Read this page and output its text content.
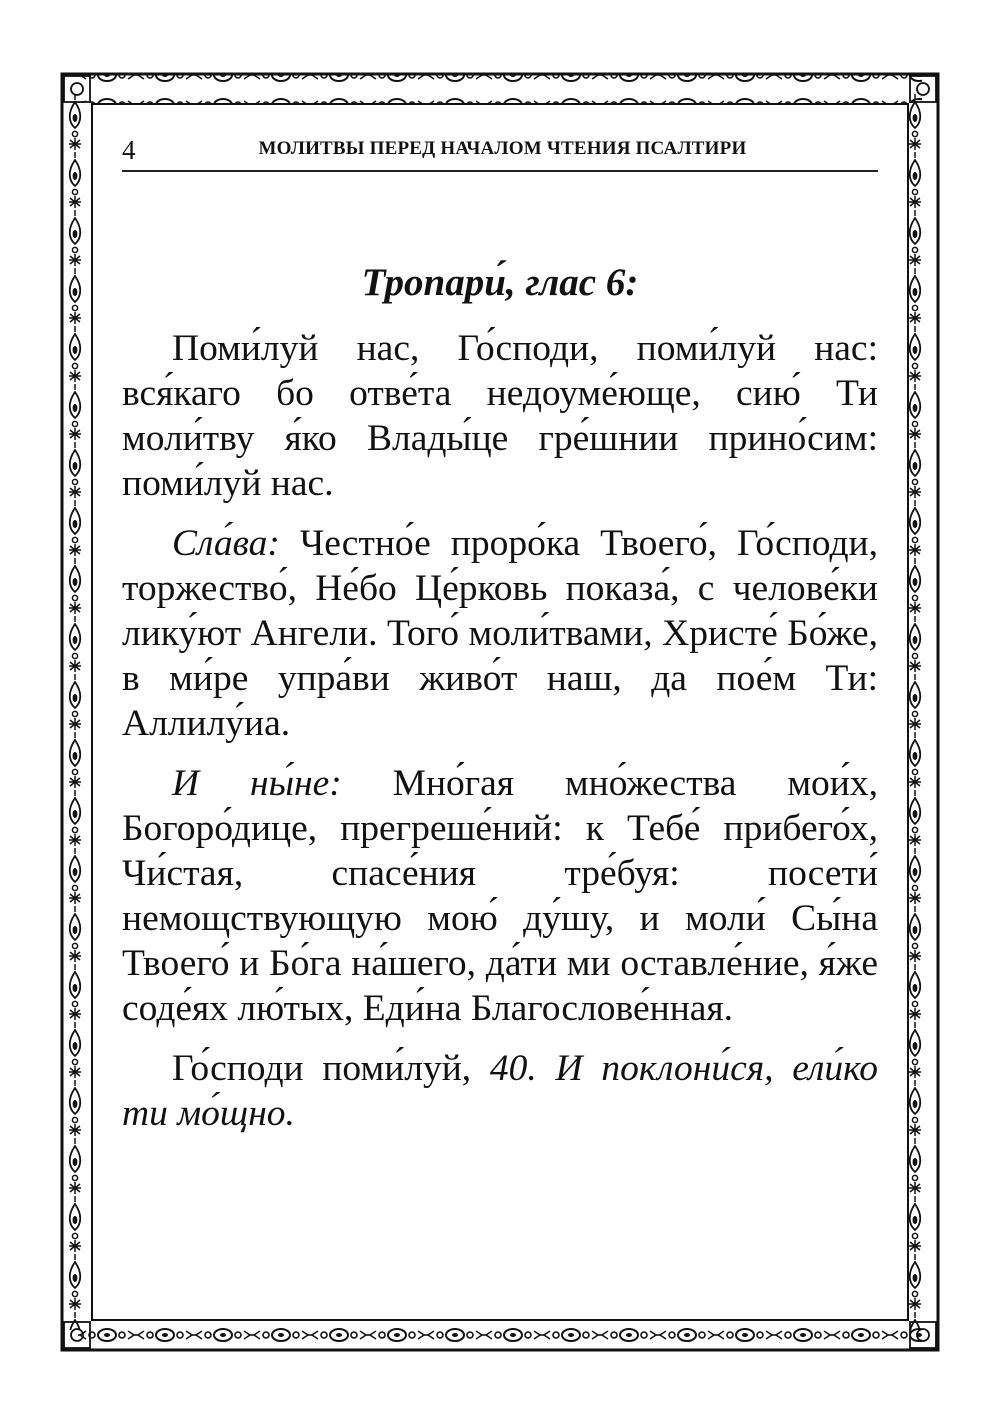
4	МОЛИТВЫ ПЕРЕД НАЧАЛОМ ЧТЕНИЯ ПСАЛТИРИ
Тропари́, глас 6:

Поми́луй нас, Го́споди, поми́луй нас: вся́каго бо отве́та недоуме́юще, сию́ Ти моли́тву я́ко Влады́це гре́шнии прино́сим: поми́луй нас.

Сла́ва: Честно́е проро́ка Твоего́, Го́споди, торжество́, Не́бо Це́рковь показа́, с челове́ки лику́ют Ангели. Того́ моли́твами, Христе́ Бо́же, в ми́ре упра́ви живо́т наш, да пое́м Ти: Аллилу́иа.

И ны́не: Мно́гая мно́жества мои́х, Богоро́дице, прегреше́ний: к Тебе́ прибего́х, Чи́стая, спасе́ния тре́буя: посети́ немощствующую мою́ ду́шу, и моли́ Сы́на Твоего́ и Бо́га на́шего, да́ти ми оставле́ние, я́же соде́ях лю́тых, Еди́на Благослове́нная.

Го́споди поми́луй, 40. И поклони́ся, ели́ко ти мо́щно.
